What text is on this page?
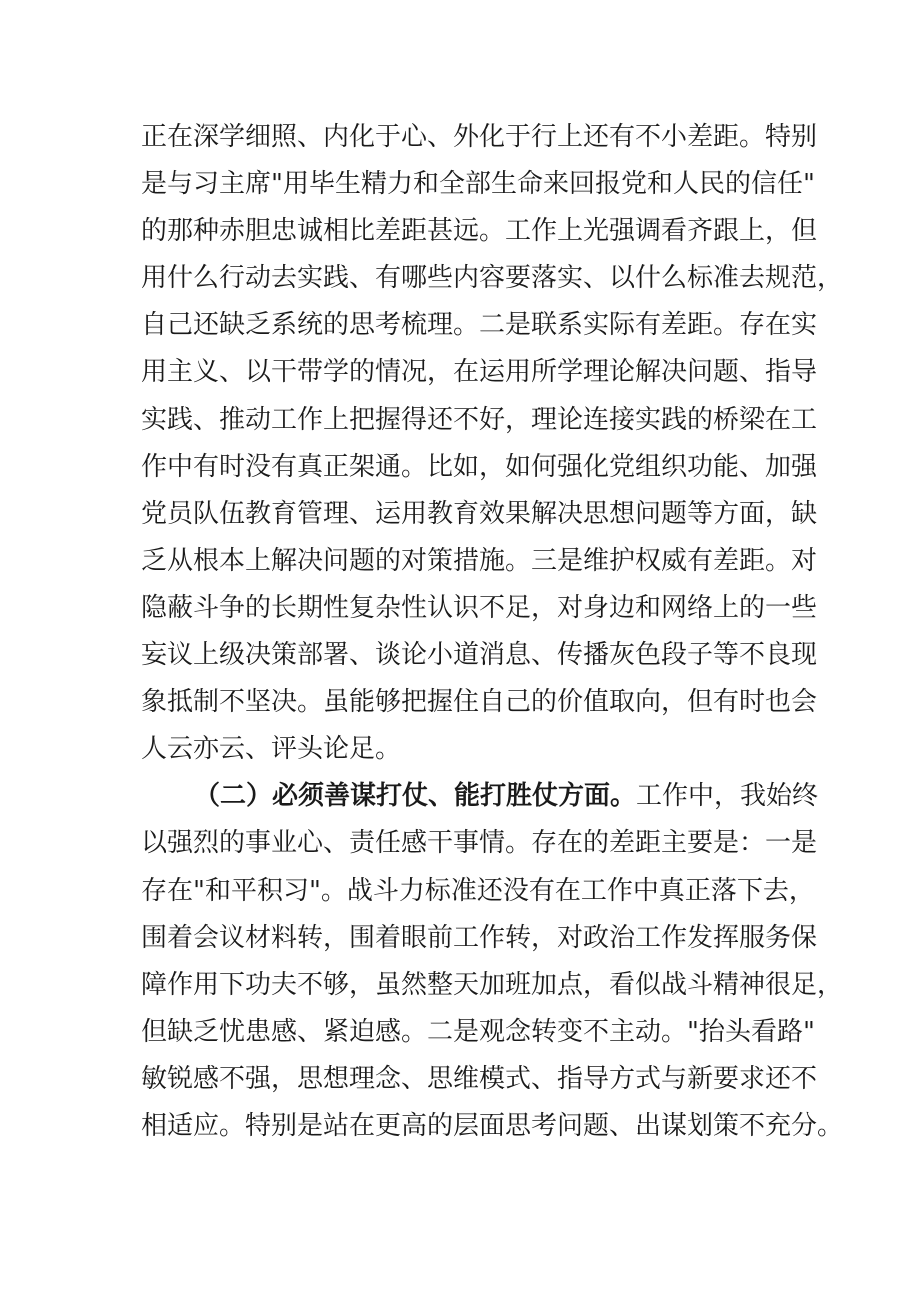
正在深学细照、内化于心、外化于行上还有不小差距。特别
是与习主席"用毕生精力和全部生命来回报党和人民的信任"
的那种赤胆忠诚相比差距甚远。工作上光强调看齐跟上，但
用什么行动去实践、有哪些内容要落实、以什么标准去规范，
自己还缺乏系统的思考梳理。二是联系实际有差距。存在实
用主义、以干带学的情况，在运用所学理论解决问题、指导
实践、推动工作上把握得还不好，理论连接实践的桥梁在工
作中有时没有真正架通。比如，如何强化党组织功能、加强
党员队伍教育管理、运用教育效果解决思想问题等方面，缺
乏从根本上解决问题的对策措施。三是维护权威有差距。对
隐蔽斗争的长期性复杂性认识不足，对身边和网络上的一些
妄议上级决策部署、谈论小道消息、传播灰色段子等不良现
象抵制不坚决。虽能够把握住自己的价值取向，但有时也会
人云亦云、评头论足。
（二）必须善谋打仗、能打胜仗方面。工作中，我始终
以强烈的事业心、责任感干事情。存在的差距主要是：一是
存在"和平积习"。战斗力标准还没有在工作中真正落下去，
围着会议材料转，围着眼前工作转，对政治工作发挥服务保
障作用下功夫不够，虽然整天加班加点，看似战斗精神很足，
但缺乏忧患感、紧迫感。二是观念转变不主动。"抬头看路"
敏锐感不强，思想理念、思维模式、指导方式与新要求还不
相适应。特别是站在更高的层面思考问题、出谋划策不充分。
